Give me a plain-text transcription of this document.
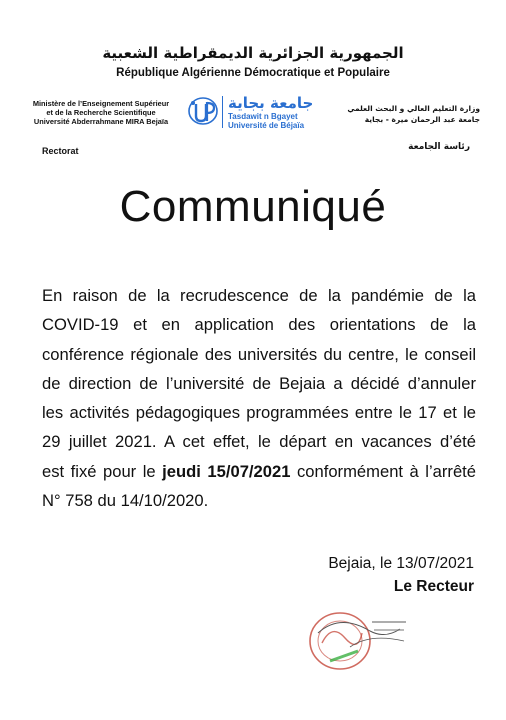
الجمهورية الجزائرية الديمقراطية الشعبية
République Algérienne Démocratique et Populaire
Ministère de l’Enseignement Supérieur
et de la Recherche Scientifique
Université Abderrahmane MIRA Bejaïa
جامعة بجاية
Tasdawit n Bgayet
Université de Béjaïa
وزارة التعليم العالي و البحث العلمي
جامعة عبد الرحمان ميرة - بجاية
Rectorat	رئاسة الجامعة
Communiqué
En raison de la recrudescence de la pandémie de la
COVID-19 et en application des orientations de la
conférence régionale des universités du centre, le conseil
de direction de l’université de Bejaia a décidé d’annuler
les activités pédagogiques programmées entre le 17 et le
29 juillet 2021. A cet effet, le départ en vacances d’été
est fixé pour le jeudi 15/07/2021 conformément à l’arrêté
N° 758 du 14/10/2020.
Bejaia, le 13/07/2021
Le Recteur
